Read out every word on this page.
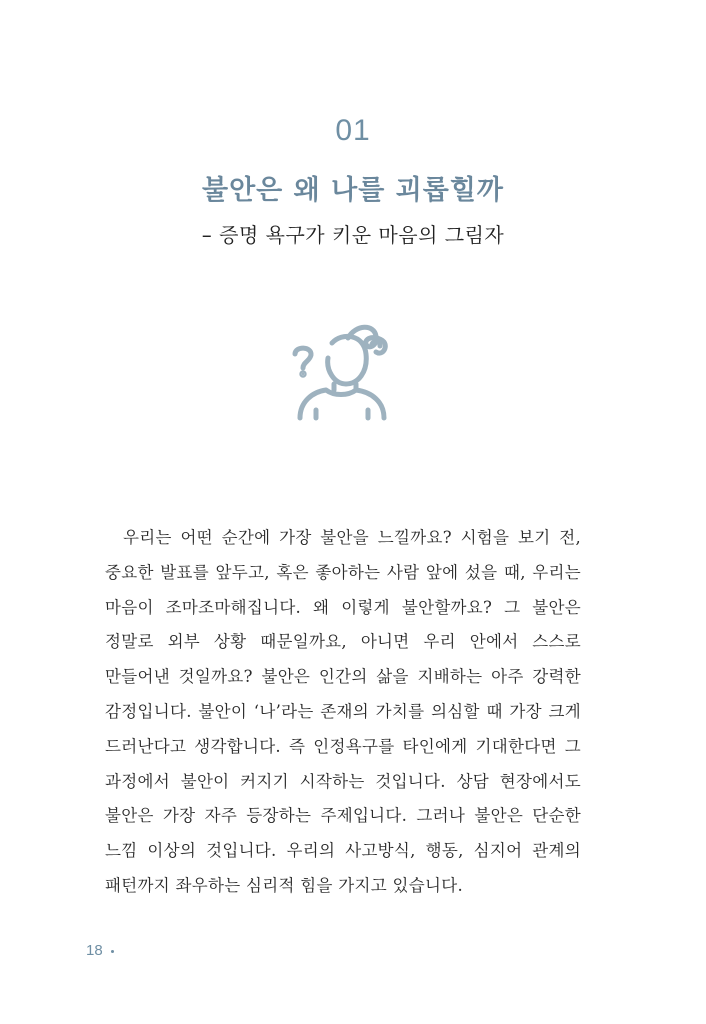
01
불안은 왜 나를 괴롭힐까
– 증명 욕구가 키운 마음의 그림자
우리는 어떤 순간에 가장 불안을 느낄까요? 시험을 보기 전, 중요한 발표를 앞두고, 혹은 좋아하는 사람 앞에 섰을 때, 우리는 마음이 조마조마해집니다. 왜 이렇게 불안할까요? 그 불안은 정말로 외부 상황 때문일까요, 아니면 우리 안에서 스스로 만들어낸 것일까요? 불안은 인간의 삶을 지배하는 아주 강력한 감정입니다. 불안이 ‘나’라는 존재의 가치를 의심할 때 가장 크게 드러난다고 생각합니다. 즉 인정욕구를 타인에게 기대한다면 그 과정에서 불안이 커지기 시작하는 것입니다. 상담 현장에서도 불안은 가장 자주 등장하는 주제입니다. 그러나 불안은 단순한 느낌 이상의 것입니다. 우리의 사고방식, 행동, 심지어 관계의 패턴까지 좌우하는 심리적 힘을 가지고 있습니다.
18
